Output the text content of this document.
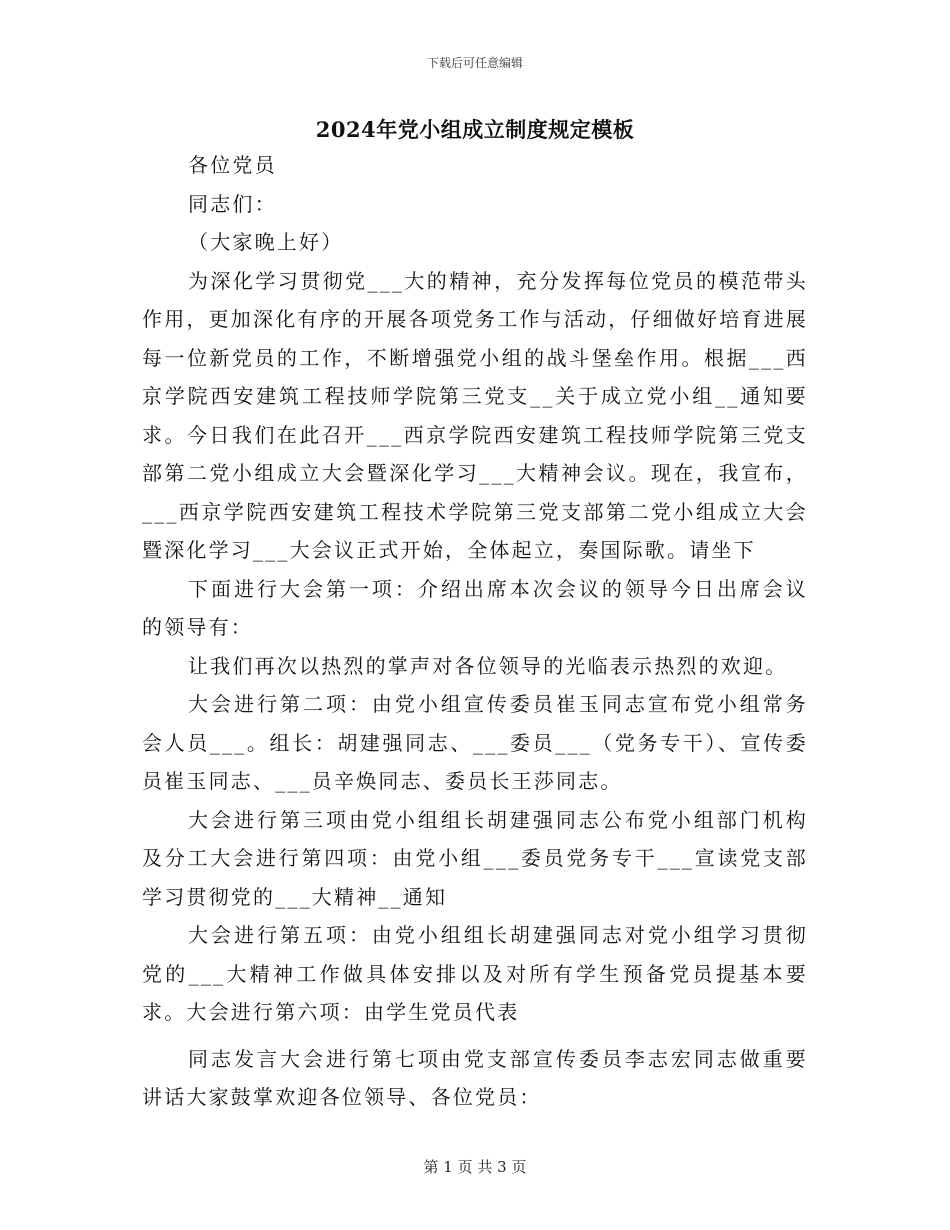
下载后可任意编辑
2024年党小组成立制度规定模板

各位党员

同志们：

（大家晚上好）

为深化学习贯彻党___大的精神，充分发挥每位党员的模范带头作用，更加深化有序的开展各项党务工作与活动，仔细做好培育进展每一位新党员的工作，不断增强党小组的战斗堡垒作用。根据___西京学院西安建筑工程技师学院第三党支__关于成立党小组__通知要求。今日我们在此召开___西京学院西安建筑工程技师学院第三党支部第二党小组成立大会暨深化学习___大精神会议。现在，我宣布，___西京学院西安建筑工程技术学院第三党支部第二党小组成立大会暨深化学习___大会议正式开始，全体起立，奏国际歌。请坐下

下面进行大会第一项：介绍出席本次会议的领导今日出席会议的领导有：

让我们再次以热烈的掌声对各位领导的光临表示热烈的欢迎。

大会进行第二项：由党小组宣传委员崔玉同志宣布党小组常务会人员___。组长：胡建强同志、___委员___（党务专干）、宣传委员崔玉同志、___员辛焕同志、委员长王莎同志。

大会进行第三项由党小组组长胡建强同志公布党小组部门机构及分工大会进行第四项：由党小组___委员党务专干___宣读党支部学习贯彻党的___大精神__通知

大会进行第五项：由党小组组长胡建强同志对党小组学习贯彻党的___大精神工作做具体安排以及对所有学生预备党员提基本要求。大会进行第六项：由学生党员代表

同志发言大会进行第七项由党支部宣传委员李志宏同志做重要讲话大家鼓掌欢迎各位领导、各位党员：

第 1 页 共 3 页
